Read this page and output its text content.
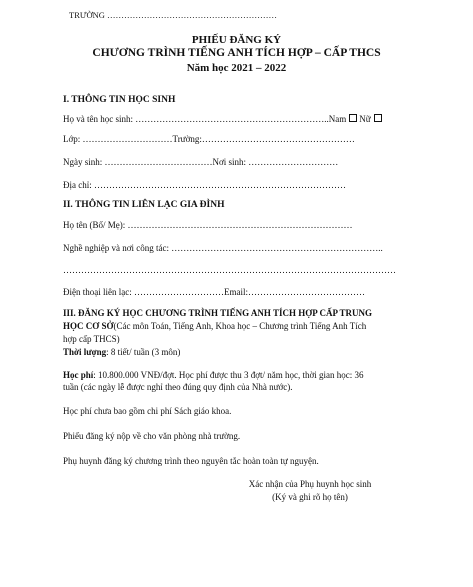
TRƯỜNG ……………………………………………………
PHIẾU ĐĂNG KÝ
CHƯƠNG TRÌNH TIẾNG ANH TÍCH HỢP – CẤP THCS
Năm học 2021 – 2022
I. THÔNG TIN HỌC SINH
Họ và tên học sinh: ………………………………………………………..Nam Nữ
Lớp: …………………………Trường:……………………………………………
Ngày sinh: ………………………………Nơi sinh: …………………………
Địa chỉ: …………………………………………………………………………
II. THÔNG TIN LIÊN LẠC GIA ĐÌNH
Họ tên (Bố/ Mẹ): …………………………………………………………………
Nghề nghiệp và nơi công tác: ……………………………………………………………..
…………………………………………………………………………………………………
Điện thoại liên lạc: …………………………Email:…………………………………
III. ĐĂNG KÝ HỌC CHƯƠNG TRÌNH TIẾNG ANH TÍCH HỢP CẤP TRUNG
HỌC CƠ SỞ(Các môn Toán, Tiếng Anh, Khoa học – Chương trình Tiếng Anh Tích
hợp cấp THCS)
Thời lượng: 8 tiết/ tuần (3 môn)
Học phí: 10.800.000 VNĐ/đợt. Học phí được thu 3 đợt/ năm học, thời gian học: 36
tuần (các ngày lễ được nghỉ theo đúng quy định của Nhà nước).
Học phí chưa bao gồm chi phí Sách giáo khoa.
Phiếu đăng ký nộp về cho văn phòng nhà trường.
Phụ huynh đăng ký chương trình theo nguyên tắc hoàn toàn tự nguyện.
Xác nhận của Phụ huynh học sinh
(Ký và ghi rõ họ tên)
